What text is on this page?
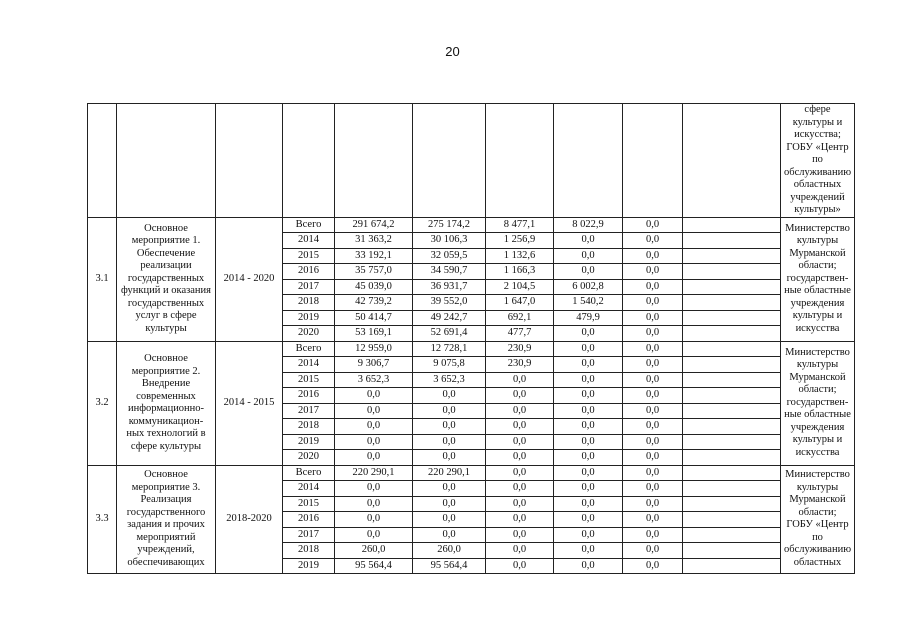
20
										сфере культуры и искусства; ГОБУ «Центр по обслуживанию областных учреждений культуры»
3.1	Основное мероприятие 1. Обеспечение реализации государственных функций и оказания государственных услуг в сфере культуры	2014 - 2020	Всего	291 674,2	275 174,2	8 477,1	8 022,9	0,0		Министерство культуры Мурманской области; государствен-ные областные учреждения культуры и искусства
			2014	31 363,2	30 106,3	1 256,9	0,0	0,0		
			2015	33 192,1	32 059,5	1 132,6	0,0	0,0		
			2016	35 757,0	34 590,7	1 166,3	0,0	0,0		
			2017	45 039,0	36 931,7	2 104,5	6 002,8	0,0		
			2018	42 739,2	39 552,0	1 647,0	1 540,2	0,0		
			2019	50 414,7	49 242,7	692,1	479,9	0,0		
			2020	53 169,1	52 691,4	477,7	0,0	0,0		
3.2	Основное мероприятие 2. Внедрение современных информационно-коммуникацион-ных технологий в сфере культуры	2014 - 2015	Всего	12 959,0	12 728,1	230,9	0,0	0,0		Министерство культуры Мурманской области; государствен-ные областные учреждения культуры и искусства
			2014	9 306,7	9 075,8	230,9	0,0	0,0		
			2015	3 652,3	3 652,3	0,0	0,0	0,0		
			2016	0,0	0,0	0,0	0,0	0,0		
			2017	0,0	0,0	0,0	0,0	0,0		
			2018	0,0	0,0	0,0	0,0	0,0		
			2019	0,0	0,0	0,0	0,0	0,0		
			2020	0,0	0,0	0,0	0,0	0,0		
3.3	Основное мероприятие 3. Реализация государственного задания и прочих мероприятий учреждений, обеспечивающих	2018-2020	Всего	220 290,1	220 290,1	0,0	0,0	0,0		Министерство культуры Мурманской области; ГОБУ «Центр по обслуживанию областных
			2014	0,0	0,0	0,0	0,0	0,0		
			2015	0,0	0,0	0,0	0,0	0,0		
			2016	0,0	0,0	0,0	0,0	0,0		
			2017	0,0	0,0	0,0	0,0	0,0		
			2018	260,0	260,0	0,0	0,0	0,0		
			2019	95 564,4	95 564,4	0,0	0,0	0,0		
